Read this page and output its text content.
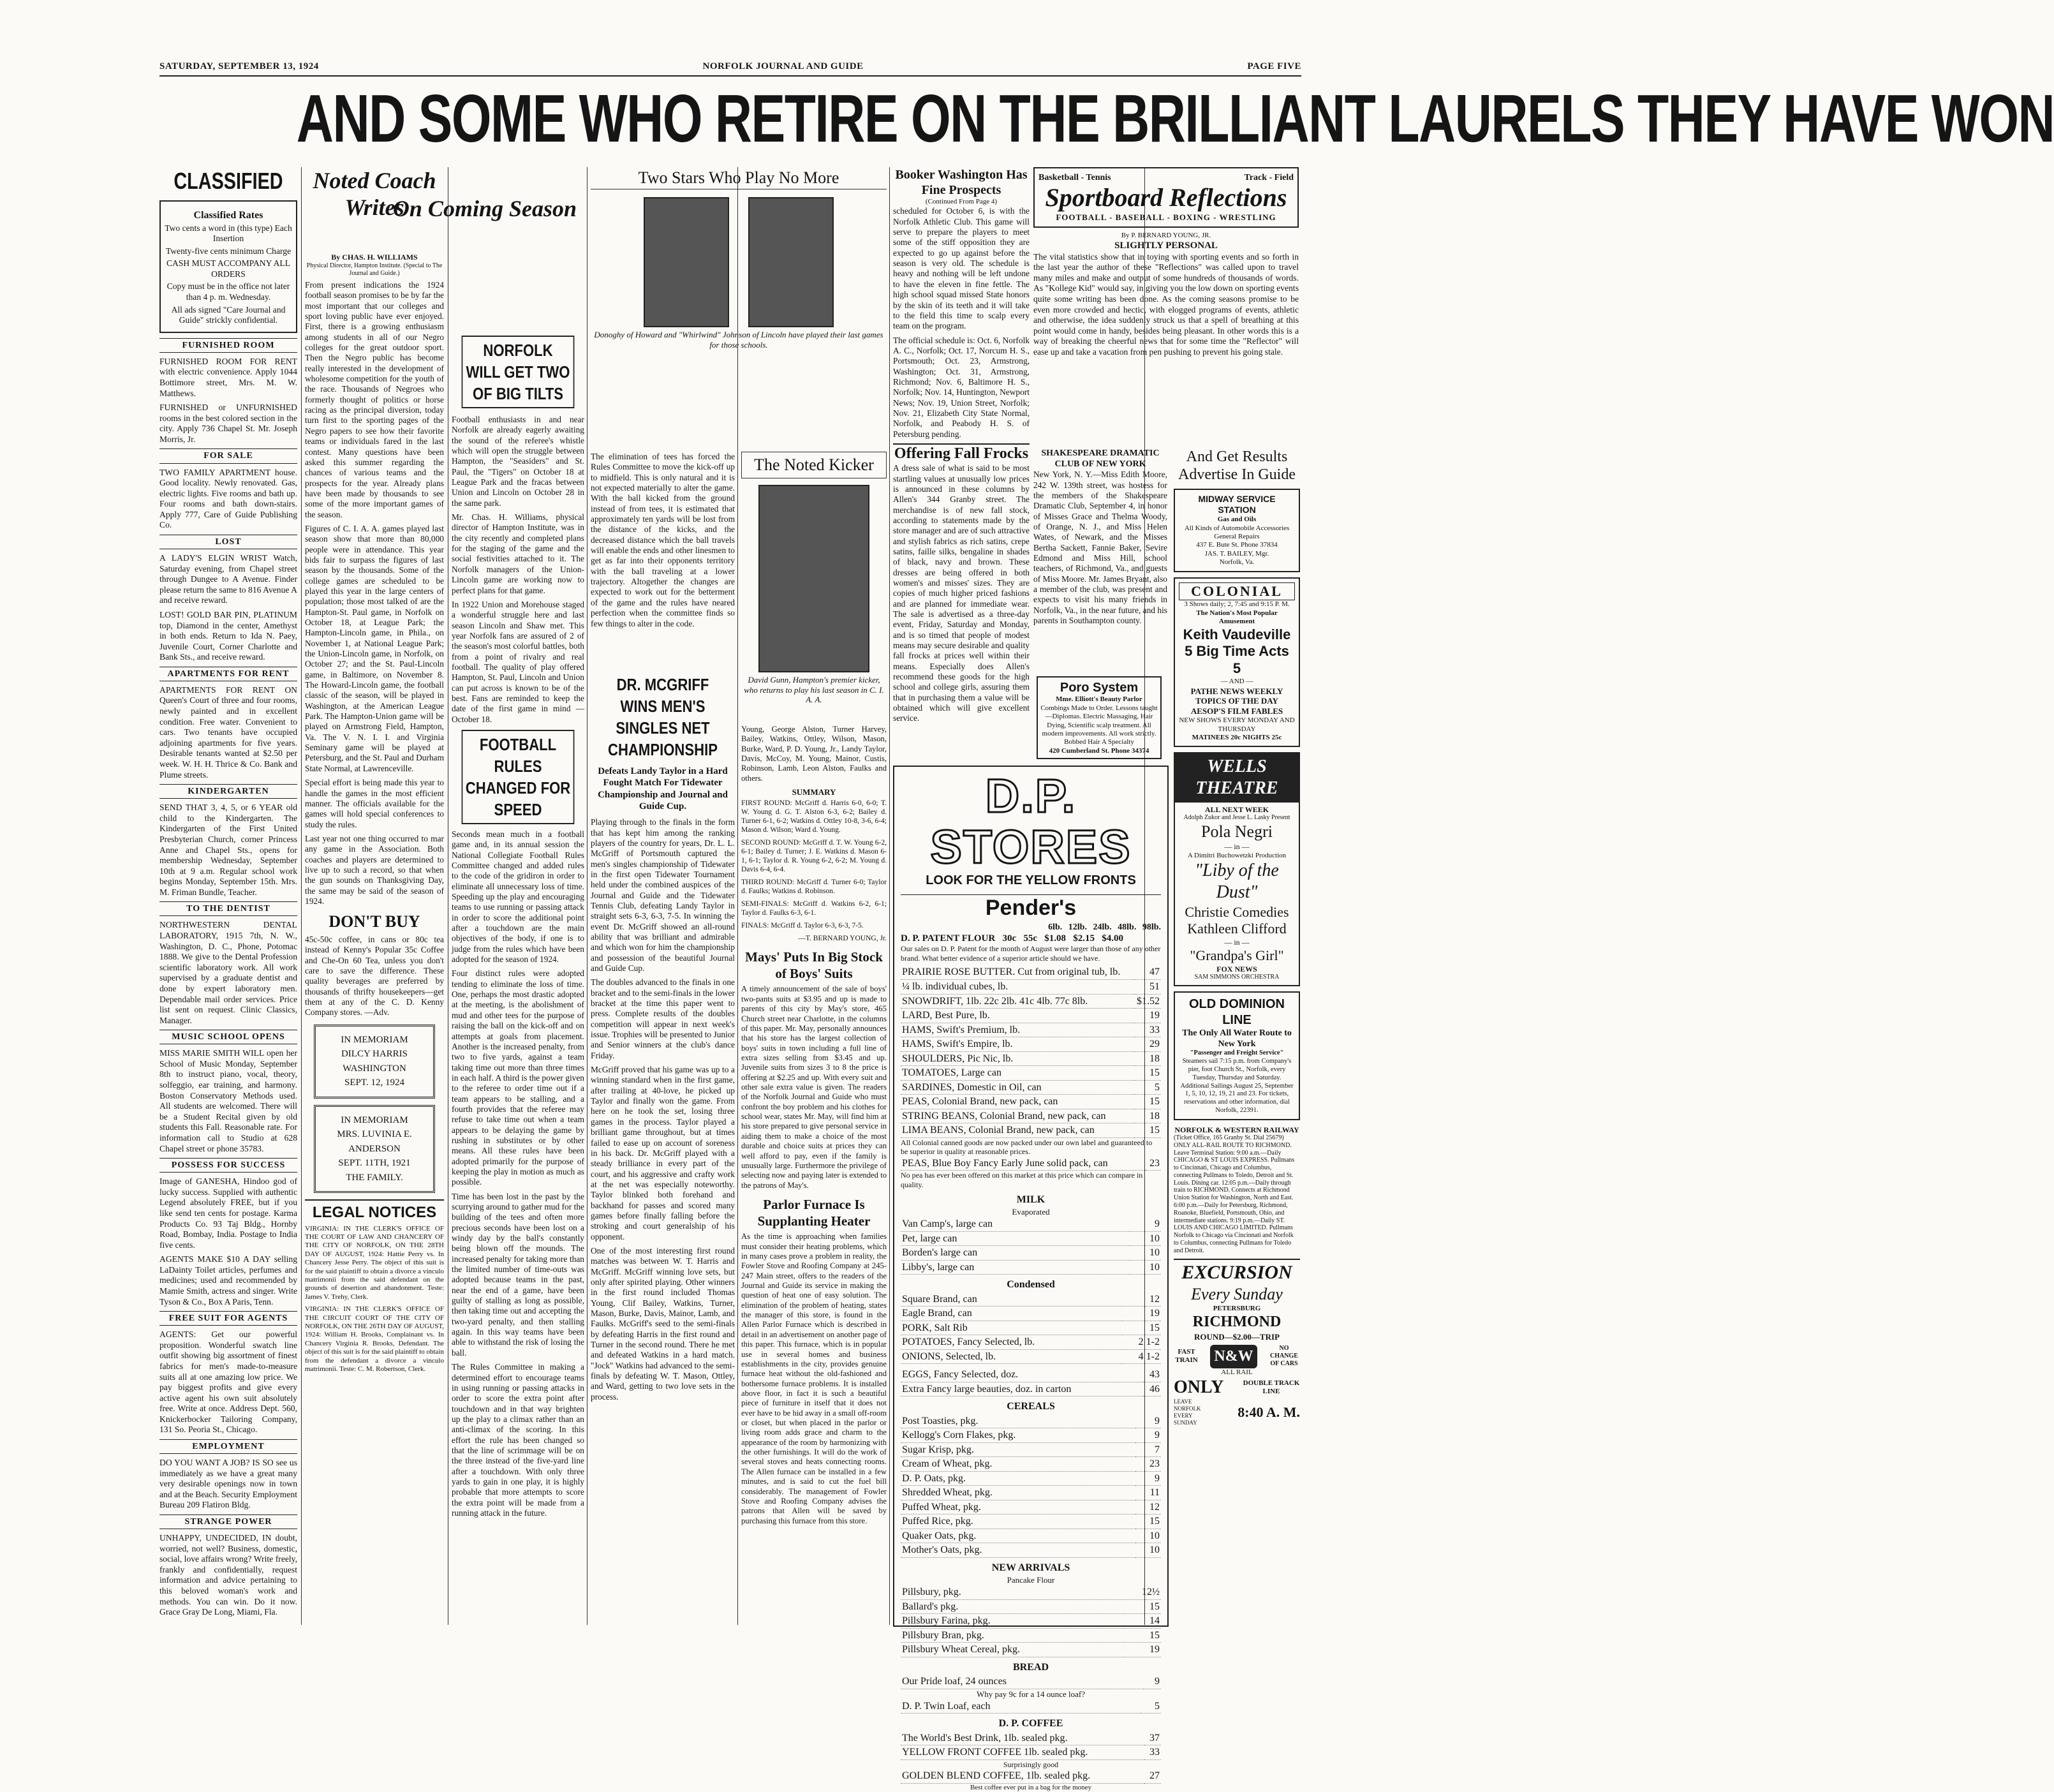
SATURDAY, SEPTEMBER 13, 1924	NORFOLK JOURNAL AND GUIDE	PAGE FIVE
AND SOME WHO RETIRE ON THE BRILLIANT LAURELS THEY HAVE WON
CLASSIFIED
Classified Rates
Two cents a word in (this type) Each Insertion
Twenty-five cents minimum Charge
CASH MUST ACCOMPANY ALL ORDERS
Copy must be in the office not later than 4 p. m. Wednesday.
All ads signed "Care Journal and Guide" strickly confidential.
FURNISHED ROOM

FURNISHED ROOM FOR RENT with electric convenience. Apply 1044 Bottimore street, Mrs. M. W. Matthews.

FURNISHED or UNFURNISHED rooms in the best colored section in the city. Apply 736 Chapel St. Mr. Joseph Morris, Jr.

FOR SALE

TWO FAMILY APARTMENT house. Good locality. Newly renovated. Gas, electric lights. Five rooms and bath up. Four rooms and bath down-stairs. Apply 777, Care of Guide Publishing Co.

LOST

A LADY'S ELGIN WRIST Watch, Saturday evening, from Chapel street through Dungee to A Avenue. Finder please return the same to 816 Avenue A and receive reward.

LOST! GOLD BAR PIN, PLATINUM top, Diamond in the center, Amethyst in both ends. Return to Ida N. Paey, Juvenile Court, Corner Charlotte and Bank Sts., and receive reward.

APARTMENTS FOR RENT

APARTMENTS FOR RENT ON Queen's Court of three and four rooms, newly painted and in excellent condition. Free water. Convenient to cars. Two tenants have occupied adjoining apartments for five years. Desirable tenants wanted at $2.50 per week. W. H. H. Thrice & Co. Bank and Plume streets.

KINDERGARTEN

SEND THAT 3, 4, 5, or 6 YEAR old child to the Kindergarten. The Kindergarten of the First United Presbyterian Church, corner Princess Anne and Chapel Sts., opens for membership Wednesday, September 10th at 9 a.m. Regular school work begins Monday, September 15th. Mrs. M. Friman Bundle, Teacher.

TO THE DENTIST

NORTHWESTERN DENTAL LABORATORY, 1915 7th, N. W., Washington, D. C., Phone, Potomac 1888. We give to the Dental Profession scientific laboratory work. All work supervised by a graduate dentist and done by expert laboratory men. Dependable mail order services. Price list sent on request. Clinic Classics, Manager.

MUSIC SCHOOL OPENS

MISS MARIE SMITH WILL open her School of Music Monday, September 8th to instruct piano, vocal, theory, solfeggio, ear training, and harmony. Boston Conservatory Methods used. All students are welcomed. There will be a Student Recital given by old students this Fall. Reasonable rate. For information call to Studio at 628 Chapel street or phone 35783.

POSSESS FOR SUCCESS

Image of GANESHA, Hindoo god of lucky success. Supplied with authentic Legend absolutely FREE, but if you like send ten cents for postage. Karma Products Co. 93 Taj Bldg., Hornby Road, Bombay, India. Postage to India five cents.

AGENTS MAKE $10 A DAY selling LaDainty Toilet articles, perfumes and medicines; used and recommended by Mamie Smith, actress and singer. Write Tyson & Co., Box A Paris, Tenn.

FREE SUIT FOR AGENTS

AGENTS: Get our powerful proposition. Wonderful swatch line outfit showing big assortment of finest fabrics for men's made-to-measure suits all at one amazing low price. We pay biggest profits and give every active agent his own suit absolutely free. Write at once. Address Dept. 560, Knickerbocker Tailoring Company, 131 So. Peoria St., Chicago.

EMPLOYMENT

DO YOU WANT A JOB? IS SO see us immediately as we have a great many very desirable openings now in town and at the Beach. Security Employment Bureau 209 Flatiron Bldg.

STRANGE POWER

UNHAPPY, UNDECIDED, IN doubt, worried, not well? Business, domestic, social, love affairs wrong? Write freely, frankly and confidentially, request information and advice pertaining to this beloved woman's work and methods. You can win. Do it now. Grace Gray De Long, Miami, Fla.

Noted Coach Writes
On Coming Season
By CHAS. H. WILLIAMS
Physical Director, Hampton Institute. (Special to The Journal and Guide.)

From present indications the 1924 football season promises to be by far the most important that our colleges and sport loving public have ever enjoyed. First, there is a growing enthusiasm among students in all of our Negro colleges for the great outdoor sport. Then the Negro public has become really interested in the development of wholesome competition for the youth of the race. Thousands of Negroes who formerly thought of politics or horse racing as the principal diversion, today turn first to the sporting pages of the Negro papers to see how their favorite teams or individuals fared in the last contest. Many questions have been asked this summer regarding the chances of various teams and the prospects for the year. Already plans have been made by thousands to see some of the more important games of the season.

Figures of C. I. A. A. games played last season show that more than 80,000 people were in attendance. This year bids fair to surpass the figures of last season by the thousands. Some of the college games are scheduled to be played this year in the large centers of population; those most talked of are the Hampton-St. Paul game, in Norfolk on October 18, at League Park; the Hampton-Lincoln game, in Phila., on November 1, at National League Park; the Union-Lincoln game, in Norfolk, on October 27; and the St. Paul-Lincoln game, in Baltimore, on November 8. The Howard-Lincoln game, the football classic of the season, will be played in Washington, at the American League Park. The Hampton-Union game will be played on Armstrong Field, Hampton, Va. The V. N. I. I. and Virginia Seminary game will be played at Petersburg, and the St. Paul and Durham State Normal, at Lawrenceville.

Special effort is being made this year to handle the games in the most efficient manner. The officials available for the games will hold special conferences to study the rules.

Last year not one thing occurred to mar any game in the Association. Both coaches and players are determined to live up to such a record, so that when the gun sounds on Thanksgiving Day, the same may be said of the season of 1924.

DON'T BUY

45c-50c coffee, in cans or 80c tea instead of Kenny's Popular 35c Coffee and Che-On 60 Tea, unless you don't care to save the difference. These quality beverages are preferred by thousands of thrifty housekeepers—get them at any of the C. D. Kenny Company stores. —Adv.

IN MEMORIAM
DILCY HARRIS WASHINGTON
SEPT. 12, 1924
IN MEMORIAM
MRS. LUVINIA E. ANDERSON
SEPT. 11TH, 1921
THE FAMILY.
LEGAL NOTICES

VIRGINIA: IN THE CLERK'S OFFICE OF THE COURT OF LAW AND CHANCERY OF THE CITY OF NORFOLK, ON THE 28TH DAY OF AUGUST, 1924: Hattie Perry vs. In Chancery Jesse Perry. The object of this suit is for the said plaintiff to obtain a divorce a vinculo matrimonii from the said defendant on the grounds of desertion and abandonment. Teste: James V. Trehy, Clerk.

VIRGINIA: IN THE CLERK'S OFFICE OF THE CIRCUIT COURT OF THE CITY OF NORFOLK, ON THE 26TH DAY OF AUGUST, 1924: William H. Brooks, Complainant vs. In Chancery Virginia R. Brooks, Defendant. The object of this suit is for the said plaintiff to obtain from the defendant a divorce a vinculo matrimonii. Teste: C. M. Robertson, Clerk.

NORFOLK WILL GET TWO OF BIG TILTS

Football enthusiasts in and near Norfolk are already eagerly awaiting the sound of the referee's whistle which will open the struggle between Hampton, the "Seasiders" and St. Paul, the "Tigers" on October 18 at League Park and the fracas between Union and Lincoln on October 28 in the same park.

Mr. Chas. H. Williams, physical director of Hampton Institute, was in the city recently and completed plans for the staging of the game and the social festivities attached to it. The Norfolk managers of the Union-Lincoln game are working now to perfect plans for that game.

In 1922 Union and Morehouse staged a wonderful struggle here and last season Lincoln and Shaw met. This year Norfolk fans are assured of 2 of the season's most colorful battles, both from a point of rivalry and real football. The quality of play offered Hampton, St. Paul, Lincoln and Union can put across is known to be of the best. Fans are reminded to keep the date of the first game in mind —October 18.

FOOTBALL RULES CHANGED FOR SPEED

Seconds mean much in a football game and, in its annual session the National Collegiate Football Rules Committee changed and added rules to the code of the gridiron in order to eliminate all unnecessary loss of time. Speeding up the play and encouraging teams to use running or passing attack in order to score the additional point after a touchdown are the main objectives of the body, if one is to judge from the rules which have been adopted for the season of 1924.

Four distinct rules were adopted tending to eliminate the loss of time. One, perhaps the most drastic adopted at the meeting, is the abolishment of mud and other tees for the purpose of raising the ball on the kick-off and on attempts at goals from placement. Another is the increased penalty, from two to five yards, against a team taking time out more than three times in each half. A third is the power given to the referee to order time out if a team appears to be stalling, and a fourth provides that the referee may refuse to take time out when a team appears to be delaying the game by rushing in substitutes or by other means. All these rules have been adopted primarily for the purpose of keeping the play in motion as much as possible.

Time has been lost in the past by the scurrying around to gather mud for the building of the tees and often more precious seconds have been lost on a windy day by the ball's constantly being blown off the mounds. The increased penalty for taking more than the limited number of time-outs was adopted because teams in the past, near the end of a game, have been guilty of stalling as long as possible, then taking time out and accepting the two-yard penalty, and then stalling again. In this way teams have been able to withstand the risk of losing the ball.

The Rules Committee in making a determined effort to encourage teams in using running or passing attacks in order to score the extra point after touchdown and in that way brighten up the play to a climax rather than an anti-climax of the scoring. In this effort the rule has been changed so that the line of scrimmage will be on the three instead of the five-yard line after a touchdown. With only three yards to gain in one play, it is highly probable that more attempts to score the extra point will be made from a running attack in the future.

Two Stars Who Play No More
Donoghy of Howard and "Whirlwind" Johnson of Lincoln have played their last games for those schools.

The elimination of tees has forced the Rules Committee to move the kick-off up to midfield. This is only natural and it is not expected materially to alter the game. With the ball kicked from the ground instead of from tees, it is estimated that approximately ten yards will be lost from the distance of the kicks, and the decreased distance which the ball travels will enable the ends and other linesmen to get as far into their opponents territory with the ball traveling at a lower trajectory. Altogether the changes are expected to work out for the betterment of the game and the rules have neared perfection when the committee finds so few things to alter in the code.

The Noted Kicker
David Gunn, Hampton's premier kicker, who returns to play his last season in C. I. A. A.
DR. MCGRIFF WINS MEN'S SINGLES NET CHAMPIONSHIP
Defeats Landy Taylor in a Hard Fought Match For Tidewater Championship and Journal and Guide Cup.

Playing through to the finals in the form that has kept him among the ranking players of the country for years, Dr. L. L. McGriff of Portsmouth captured the men's singles championship of Tidewater in the first open Tidewater Tournament held under the combined auspices of the Journal and Guide and the Tidewater Tennis Club, defeating Landy Taylor in straight sets 6-3, 6-3, 7-5. In winning the event Dr. McGriff showed an all-round ability that was brilliant and admirable and which won for him the championship and possession of the beautiful Journal and Guide Cup.

The doubles advanced to the finals in one bracket and to the semi-finals in the lower bracket at the time this paper went to press. Complete results of the doubles competition will appear in next week's issue. Trophies will be presented to Junior and Senior winners at the club's dance Friday.

McGriff proved that his game was up to a winning standard when in the first game, after trailing at 40-love, he picked up Taylor and finally won the game. From here on he took the set, losing three games in the process. Taylor played a brilliant game throughout, but at times failed to ease up on account of soreness in his back. Dr. McGriff played with a steady brilliance in every part of the court, and his aggressive and crafty work at the net was especially noteworthy. Taylor blinked both forehand and backhand for passes and scored many games before finally falling before the stroking and court generalship of his opponent.

One of the most interesting first round matches was between W. T. Harris and McGriff. McGriff winning love sets, but only after spirited playing. Other winners in the first round included Thomas Young, Clif Bailey, Watkins, Turner, Mason, Burke, Davis, Mainor, Lamb, and Faulks. McGriff's seed to the semi-finals by defeating Harris in the first round and Turner in the second round. There he met and defeated Watkins in a hard match. "Jock" Watkins had advanced to the semi-finals by defeating W. T. Mason, Ottley, and Ward, getting to two love sets in the process.

Young, George Alston, Turner Harvey, Bailey, Watkins, Ottley, Wilson, Mason, Burke, Ward, P. D. Young, Jr., Landy Taylor, Davis, McCoy, M. Young, Mainor, Custis, Robinson, Lamb, Leon Alston, Faulks and others.

SUMMARY

FIRST ROUND: McGriff d. Harris 6-0, 6-0; T. W. Young d. G. T. Alston 6-3, 6-2; Bailey d. Turner 6-1, 6-2; Watkins d. Ottley 10-8, 3-6, 6-4; Mason d. Wilson; Ward d. Young.

SECOND ROUND: McGriff d. T. W. Young 6-2, 6-1; Bailey d. Turner; J. E. Watkins d. Mason 6-1, 6-1; Taylor d. R. Young 6-2, 6-2; M. Young d. Davis 6-4, 6-4.

THIRD ROUND: McGriff d. Turner 6-0; Taylor d. Faulks; Watkins d. Robinson.

SEMI-FINALS: McGriff d. Watkins 6-2, 6-1; Taylor d. Faulks 6-3, 6-1.

FINALS: McGriff d. Taylor 6-3, 6-3, 7-5.

—T. BERNARD YOUNG, Jr.
Mays' Puts In Big Stock of Boys' Suits

A timely announcement of the sale of boys' two-pants suits at $3.95 and up is made to parents of this city by May's store, 465 Church street near Charlotte, in the columns of this paper. Mr. May, personally announces that his store has the largest collection of boys' suits in town including a full line of extra sizes selling from $3.45 and up. Juvenile suits from sizes 3 to 8 the price is offering at $2.25 and up. With every suit and other sale extra value is given. The readers of the Norfolk Journal and Guide who must confront the boy problem and his clothes for school wear, states Mr. May, will find him at his store prepared to give personal service in aiding them to make a choice of the most durable and choice suits at prices they can well afford to pay, even if the family is unusually large. Furthermore the privilege of selecting now and paying later is extended to the patrons of May's.

Parlor Furnace Is Supplanting Heater

As the time is approaching when families must consider their heating problems, which in many cases prove a problem in reality, the Fowler Stove and Roofing Company at 245-247 Main street, offers to the readers of the Journal and Guide its service in making the question of heat one of easy solution. The elimination of the problem of heating, states the manager of this store, is found in the Allen Parlor Furnace which is described in detail in an advertisement on another page of this paper. This furnace, which is in popular use in several homes and business establishments in the city, provides genuine furnace heat without the old-fashioned and bothersome furnace problems. It is installed above floor, in fact it is such a beautiful piece of furniture in itself that it does not ever have to be hid away in a small off-room or closet, but when placed in the parlor or living room adds grace and charm to the appearance of the room by harmonizing with the other furnishings. It will do the work of several stoves and heats connecting rooms. The Allen furnace can be installed in a few minutes, and is said to cut the fuel bill considerably. The management of Fowler Stove and Roofing Company advises the patrons that Allen will be saved by purchasing this furnace from this store.

Booker Washington Has Fine Prospects
(Continued From Page 4)

scheduled for October 6, is with the Norfolk Athletic Club. This game will serve to prepare the players to meet some of the stiff opposition they are expected to go up against before the season is very old. The schedule is heavy and nothing will be left undone to have the eleven in fine fettle. The high school squad missed State honors by the skin of its teeth and it will take to the field this time to scalp every team on the program.

The official schedule is: Oct. 6, Norfolk A. C., Norfolk; Oct. 17, Norcum H. S., Portsmouth; Oct. 23, Armstrong, Washington; Oct. 31, Armstrong, Richmond; Nov. 6, Baltimore H. S., Norfolk; Nov. 14, Huntington, Newport News; Nov. 19, Union Street, Norfolk; Nov. 21, Elizabeth City State Normal, Norfolk, and Peabody H. S. of Petersburg pending.

Offering Fall Frocks

A dress sale of what is said to be most startling values at unusually low prices is announced in these columns by Allen's 344 Granby street. The merchandise is of new fall stock, according to statements made by the store manager and are of such attractive and stylish fabrics as rich satins, crepe satins, faille silks, bengaline in shades of black, navy and brown. These dresses are being offered in both women's and misses' sizes. They are copies of much higher priced fashions and are planned for immediate wear. The sale is advertised as a three-day event, Friday, Saturday and Monday, and is so timed that people of modest means may secure desirable and quality fall frocks at prices well within their means. Especially does Allen's recommend these goods for the high school and college girls, assuring them that in purchasing them a value will be obtained which will give excellent service.

Basketball - Tennis	Track - Field
Sportboard Reflections
FOOTBALL - BASEBALL - BOXING - WRESTLING
By P. BERNARD YOUNG, JR.
SLIGHTLY PERSONAL

The vital statistics show that in toying with sporting events and so forth in the last year the author of these "Reflections" was called upon to travel many miles and make and output of some hundreds of thousands of words. As "Kollege Kid" would say, in giving you the low down on sporting events quite some writing has been done. As the coming seasons promise to be even more crowded and hectic, with elogged programs of events, athletic and otherwise, the idea suddenly struck us that a spell of breathing at this point would come in handy, besides being pleasant. In other words this is a way of breaking the cheerful news that for some time the "Reflector" will ease up and take a vacation from pen pushing to prevent his going stale.

SHAKESPEARE DRAMATIC CLUB OF NEW YORK

New York, N. Y.—Miss Edith Moore, 242 W. 139th street, was hostess for the members of the Shakespeare Dramatic Club, September 4, in honor of Misses Grace and Thelma Woody, of Orange, N. J., and Miss Helen Wates, of Newark, and the Misses Bertha Sackett, Fannie Baker, Sevire Edmond and Miss Hill, school teachers, of Richmond, Va., and guests of Miss Moore. Mr. James Bryant, also a member of the club, was present and expects to visit his many friends in Norfolk, Va., in the near future, and his parents in Southampton county.

Poro System
Mme. Elliott's Beauty Parlor
Combings Made to Order. Lessons taught—Diplomas. Electric Massaging, Hair Dying, Scientific scalp treatment. All modern improvements. All work strictly. Bobbed Hair A Specialty
420 Cumberland St. Phone 34374
And Get Results
Advertise In Guide
MIDWAY SERVICE STATION
Gas and Oils
All Kinds of Automobile Accessories General Repairs
437 E. Bute St. Phone 37834
JAS. T. BAILEY, Mgr.
Norfolk, Va.
COLONIAL
3 Shows daily; 2, 7:45 and 9:15 P. M.
The Nation's Most Popular Amusement
Keith Vaudeville
5 Big Time Acts 5
— AND —
PATHE NEWS WEEKLY
TOPICS OF THE DAY
AESOP'S FILM FABLES
NEW SHOWS EVERY MONDAY AND THURSDAY
MATINEES 20c NIGHTS 25c
WELLS THEATRE
ALL NEXT WEEK
Adolph Zukor and Jesse L. Lasky Present
Pola Negri
— in —
A Dimitri Buchowetzki Production
"Liby of the Dust"
Christie Comedies
Kathleen Clifford
— in —
"Grandpa's Girl"
FOX NEWS
SAM SIMMONS ORCHESTRA
OLD DOMINION LINE
The Only All Water Route to New York
"Passenger and Freight Service"
Steamers sail 7:15 p.m. from Company's pier, foot Church St., Norfolk, every Tuesday, Thursday and Saturday.
Additional Sailings August 25, September 1, 5, 10, 12, 19, 21 and 23. For tickets, reservations and other information, dial Norfolk, 22391.
NORFOLK & WESTERN RAILWAY

(Ticket Office, 165 Granby St. Dial 25679) ONLY ALL-RAIL ROUTE TO RICHMOND. Leave Terminal Station: 9:00 a.m.—Daily CHICAGO & ST LOUIS EXPRESS. Pullmans to Cincinnati, Chicago and Columbus, connecting Pullmans to Toledo, Detroit and St. Louis. Dining car. 12:05 p.m.—Daily through train to RICHMOND. Connects at Richmond Union Station for Washington, North and East. 6:00 p.m.—Daily for Petersburg, Richmond, Roanoke, Bluefield, Portsmouth, Ohio, and intermediate stations. 9:19 p.m.—Daily ST. LOUIS AND CHICAGO LIMITED. Pullmans Norfolk to Chicago via Cincinnati and Norfolk to Columbus, connecting Pullmans for Toledo and Detroit.

EXCURSION
Every Sunday
PETERSBURG
RICHMOND
ROUND—$2.00—TRIP
FAST TRAIN N&W	NO CHANGE OF CARS
ALL RAIL
ONLY	DOUBLE TRACK LINE
LEAVE NORFOLK EVERY SUNDAY
8:40 A. M.
D.P. STORES
LOOK FOR THE YELLOW FRONTS
Pender's
6lb. 12lb. 24lb. 48lb. 98lb.
D. P. PATENT FLOUR   30c   55c   $1.08   $2.15   $4.00
Our sales on D. P. Patent for the month of August were larger than those of any other brand. What better evidence of a superior article should we have.
PRAIRIE ROSE BUTTER. Cut from original tub, lb.	47
¼ lb. individual cubes, lb.	51
SNOWDRIFT, 1lb. 22c 2lb. 41c 4lb. 77c 8lb.	$1.52
LARD, Best Pure, lb.	19
HAMS, Swift's Premium, lb.	33
HAMS, Swift's Empire, lb.	29
SHOULDERS, Pic Nic, lb.	18
TOMATOES, Large can	15
SARDINES, Domestic in Oil, can	5
PEAS, Colonial Brand, new pack, can	15
STRING BEANS, Colonial Brand, new pack, can	18
LIMA BEANS, Colonial Brand, new pack, can	15
All Colonial canned goods are now packed under our own label and guaranteed to be superior in quality at reasonable prices.
PEAS, Blue Boy Fancy Early June solid pack, can	23
No pea has ever been offered on this market at this price which can compare in quality.
MILK
Evaporated
Van Camp's, large can	9
Pet, large can	10
Borden's large can	10
Libby's, large can	10
Condensed
Square Brand, can	12
Eagle Brand, can	19
PORK, Salt Rib	15
POTATOES, Fancy Selected, lb.	2 1-2
ONIONS, Selected, lb.	4 1-2
EGGS, Fancy Selected, doz.	43
Extra Fancy large beauties, doz. in carton	46
CEREALS
Post Toasties, pkg.	9
Kellogg's Corn Flakes, pkg.	9
Sugar Krisp, pkg.	7
Cream of Wheat, pkg.	23
D. P. Oats, pkg.	9
Shredded Wheat, pkg.	11
Puffed Wheat, pkg.	12
Puffed Rice, pkg.	15
Quaker Oats, pkg.	10
Mother's Oats, pkg.	10
NEW ARRIVALS
Pancake Flour
Pillsbury, pkg.	12½
Ballard's pkg.	15
Pillsbury Farina, pkg.	14
Pillsbury Bran, pkg.	15
Pillsbury Wheat Cereal, pkg.	19
BREAD
Our Pride loaf, 24 ounces	9
Why pay 9c for a 14 ounce loaf?
D. P. Twin Loaf, each	5
D. P. COFFEE
The World's Best Drink, 1lb. sealed pkg.	37
YELLOW FRONT COFFEE 1lb. sealed pkg.	33
Surprisingly good
GOLDEN BLEND COFFEE, 1lb. sealed pkg.	27
Best coffee ever put in a bag for the money
